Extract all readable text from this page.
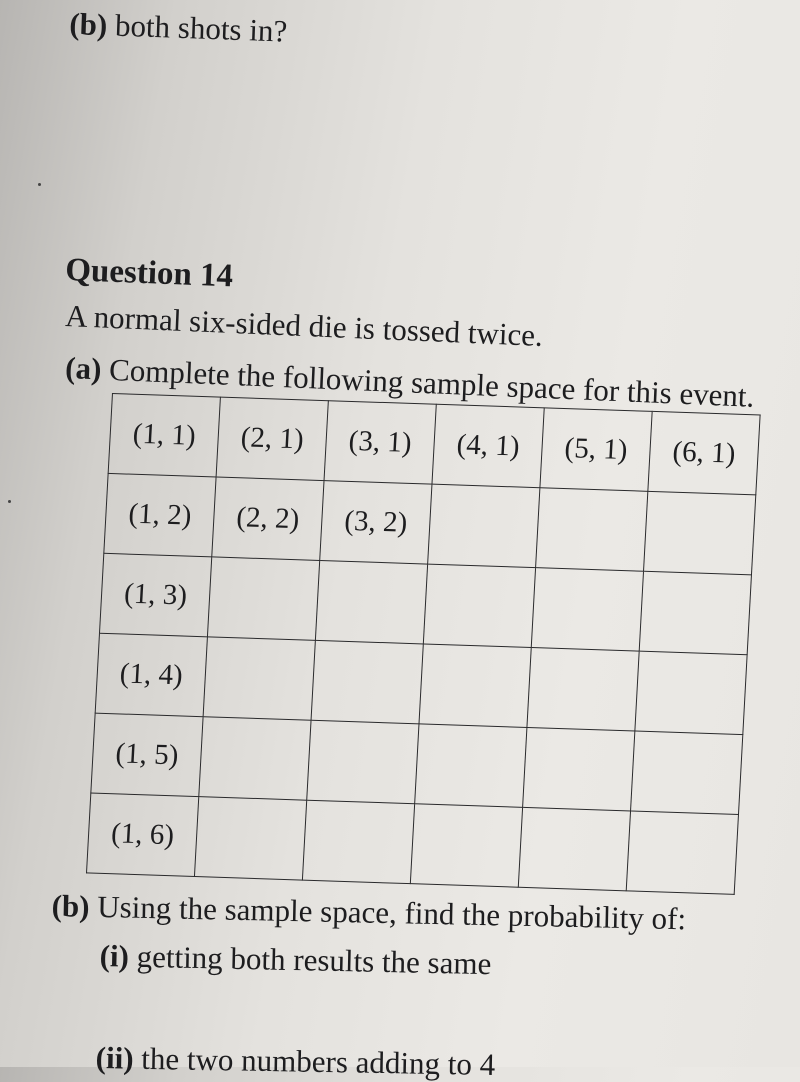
(b) both shots in?
Question 14
A normal six-sided die is tossed twice.
(a) Complete the following sample space for this event.
(1, 1)	(2, 1)	(3, 1)	(4, 1)	(5, 1)	(6, 1)
(1, 2)	(2, 2)	(3, 2)			
(1, 3)					
(1, 4)					
(1, 5)					
(1, 6)					
(b) Using the sample space, find the probability of:
(i) getting both results the same
(ii) the two numbers adding to 4
